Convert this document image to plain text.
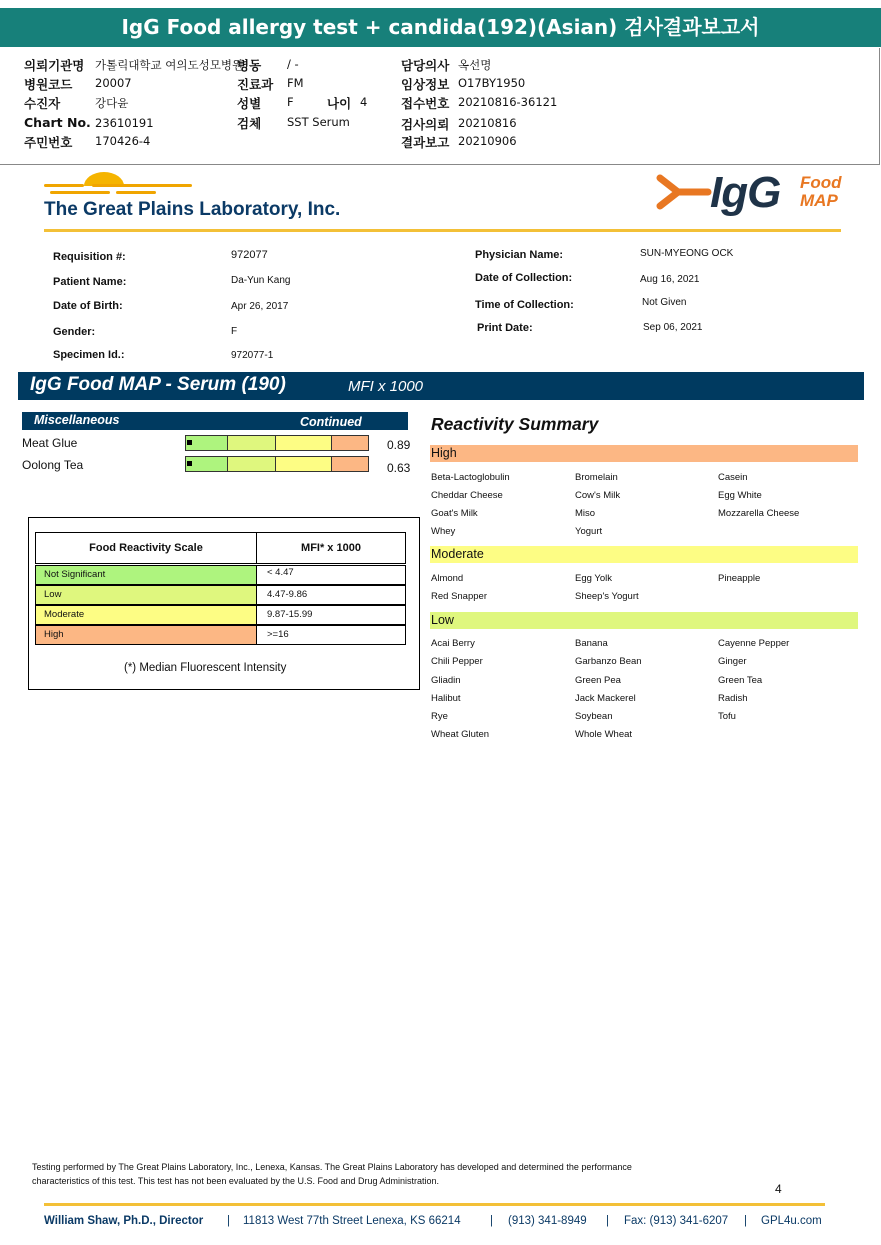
IgG Food allergy test + candida(192)(Asian) 검사결과보고서
의뢰기관명 가톨릭대학교 여의도성모병원
병동 / -	담당의사 옥선명
병원코드 20007	진료과 FM	임상정보 O17BY1950
수진자	강다윤	성별 F	나이 4	접수번호 20210816-36121
Chart No. 23610191	검체 SST Serum	검사의뢰 20210816
주민번호 170426-4	결과보고 20210906
The Great Plains Laboratory, Inc.	IgG Food
MAP
Requisition #:	972077
Patient Name:	Da-Yun Kang
Date of Birth:	Apr 26, 2017
Gender:	F
Specimen Id.:	972077-1
Physician Name:	SUN-MYEONG OCK
Date of Collection:	Aug 16, 2021
Time of Collection:	Not Given
Print Date:	Sep 06, 2021
IgG Food MAP - Serum (190)	MFI x 1000
Miscellaneous	Continued
Meat Glue	0.89
Oolong Tea	0.63
Food Reactivity Scale	MFI* x 1000
Not Significant	< 4.47
Low	4.47-9.86
Moderate	9.87-15.99
High	>=16
(*) Median Fluorescent Intensity
Reactivity Summary
High
Beta-Lactoglobulin	Bromelain	Casein
Cheddar Cheese	Cow's Milk	Egg White
Goat's Milk	Miso	Mozzarella Cheese
Whey	Yogurt
Moderate
Almond	Egg Yolk	Pineapple
Red Snapper	Sheep's Yogurt
Low
Acai Berry	Banana	Cayenne Pepper
Chili Pepper	Garbanzo Bean	Ginger
Gliadin	Green Pea	Green Tea
Halibut	Jack Mackerel	Radish
Rye	Soybean	Tofu
Wheat Gluten	Whole Wheat
Testing performed by The Great Plains Laboratory, Inc., Lenexa, Kansas. The Great Plains Laboratory has developed and determined the performance
characteristics of this test. This test has not been evaluated by the U.S. Food and Drug Administration.
4
William Shaw, Ph.D., Director | 11813 West 77th Street Lenexa, KS 66214	| (913) 341-8949 | Fax: (913) 341-6207 | GPL4u.com
